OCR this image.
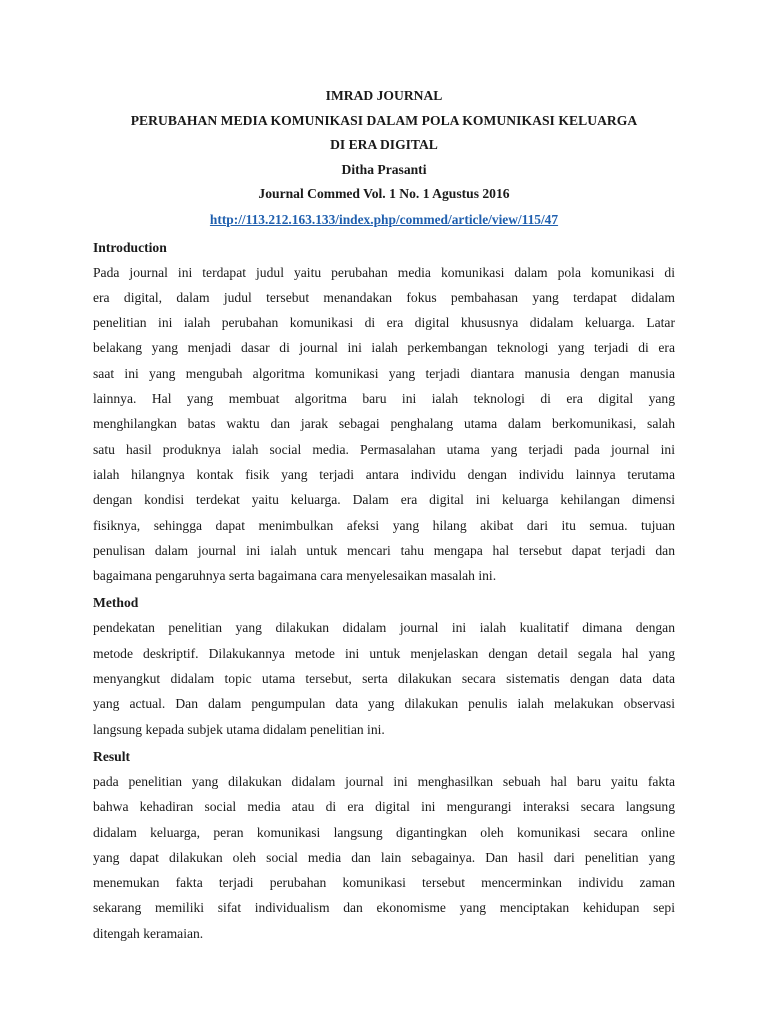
IMRAD JOURNAL

PERUBAHAN MEDIA KOMUNIKASI DALAM POLA KOMUNIKASI KELUARGA

DI ERA DIGITAL

Ditha Prasanti

Journal Commed Vol. 1 No. 1 Agustus 2016

http://113.212.163.133/index.php/commed/article/view/115/47

Introduction

Pada journal ini terdapat judul yaitu perubahan media komunikasi dalam pola komunikasi di
era digital, dalam judul tersebut menandakan fokus pembahasan yang terdapat didalam
penelitian ini ialah perubahan komunikasi di era digital khususnya didalam keluarga. Latar
belakang yang menjadi dasar di journal ini ialah perkembangan teknologi yang terjadi di era
saat ini yang mengubah algoritma komunikasi yang terjadi diantara manusia dengan manusia
lainnya. Hal yang membuat algoritma baru ini ialah teknologi di era digital yang
menghilangkan batas waktu dan jarak sebagai penghalang utama dalam berkomunikasi, salah
satu hasil produknya ialah social media. Permasalahan utama yang terjadi pada journal ini
ialah hilangnya kontak fisik yang terjadi antara individu dengan individu lainnya terutama
dengan kondisi terdekat yaitu keluarga. Dalam era digital ini keluarga kehilangan dimensi
fisiknya, sehingga dapat menimbulkan afeksi yang hilang akibat dari itu semua. tujuan
penulisan dalam journal ini ialah untuk mencari tahu mengapa hal tersebut dapat terjadi dan
bagaimana pengaruhnya serta bagaimana cara menyelesaikan masalah ini.

Method

pendekatan penelitian yang dilakukan didalam journal ini ialah kualitatif dimana dengan
metode deskriptif. Dilakukannya metode ini untuk menjelaskan dengan detail segala hal yang
menyangkut didalam topic utama tersebut, serta dilakukan secara sistematis dengan data data
yang actual. Dan dalam pengumpulan data yang dilakukan penulis ialah melakukan observasi
langsung kepada subjek utama didalam penelitian ini.

Result

pada penelitian yang dilakukan didalam journal ini menghasilkan sebuah hal baru yaitu fakta
bahwa kehadiran social media atau di era digital ini mengurangi interaksi secara langsung
didalam keluarga, peran komunikasi langsung digantingkan oleh komunikasi secara online
yang dapat dilakukan oleh social media dan lain sebagainya. Dan hasil dari penelitian yang
menemukan fakta terjadi perubahan komunikasi tersebut mencerminkan individu zaman
sekarang memiliki sifat individualism dan ekonomisme yang menciptakan kehidupan sepi
ditengah keramaian.
